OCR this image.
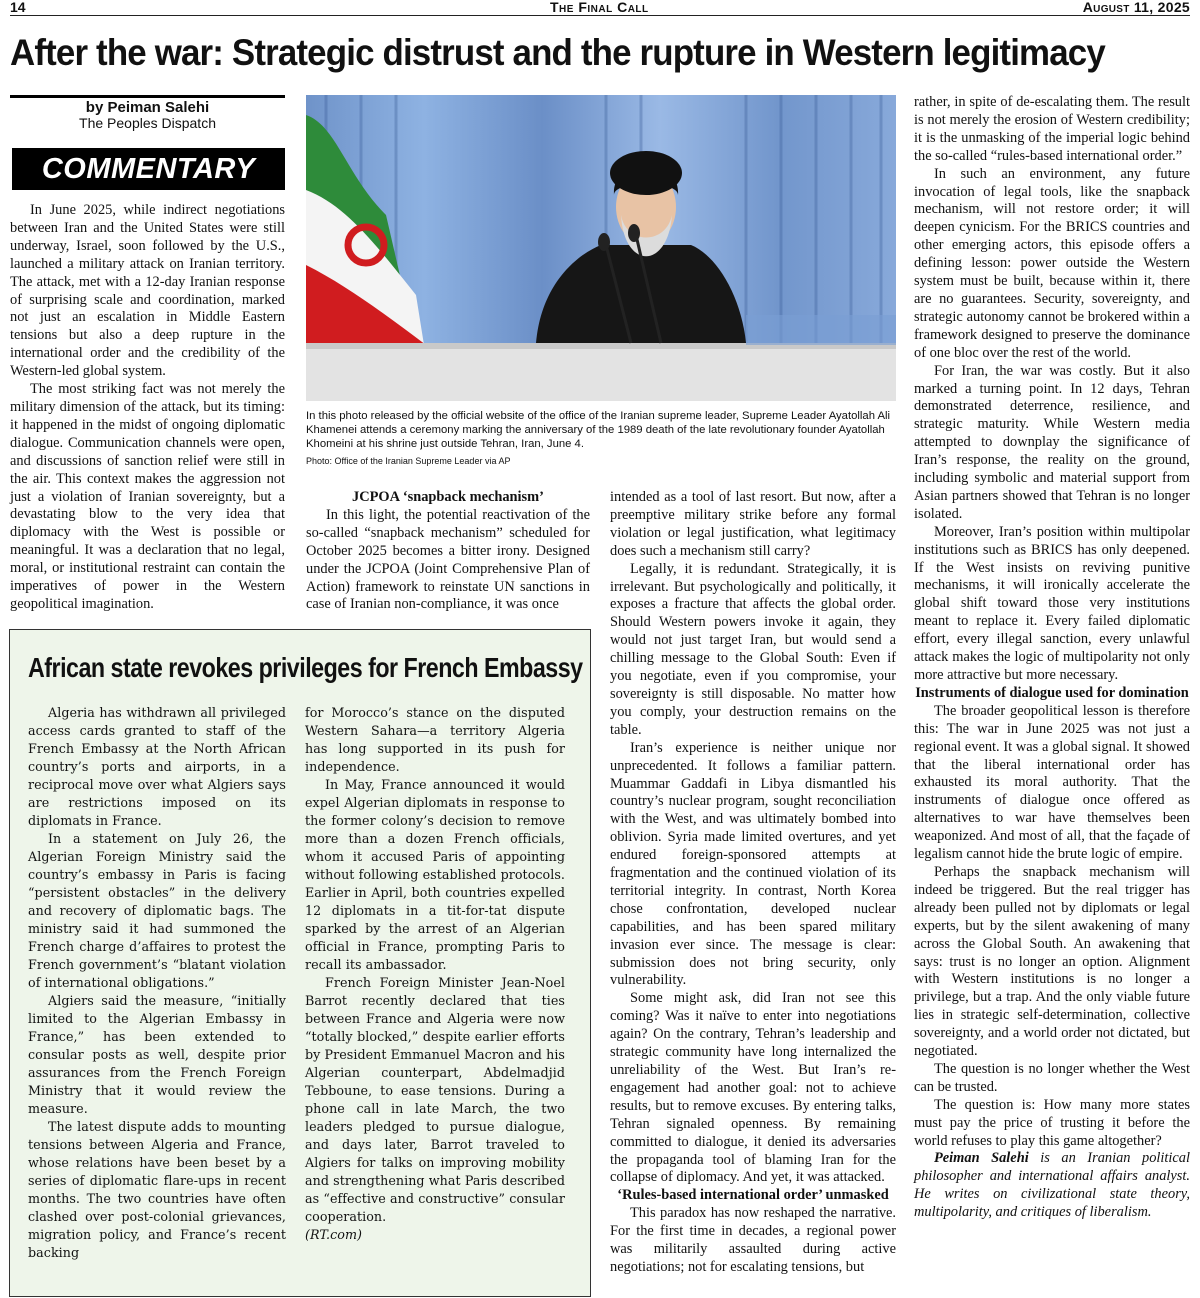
14	The Final Call	August 11, 2025
After the war: Strategic distrust and the rupture in Western legitimacy
by Peiman Salehi
The Peoples Dispatch
COMMENTARY

In June 2025, while indirect negotiations between Iran and the United States were still underway, Israel, soon followed by the U.S., launched a military attack on Iranian territory. The attack, met with a 12-day Iranian response of surprising scale and coordination, marked not just an escalation in Middle Eastern tensions but also a deep rupture in the international order and the credibility of the Western-led global system.

The most striking fact was not merely the military dimension of the attack, but its timing: it happened in the midst of ongoing diplomatic dialogue. Communication channels were open, and discussions of sanction relief were still in the air. This context makes the aggression not just a violation of Iranian sovereignty, but a devastating blow to the very idea that diplomacy with the West is possible or meaningful. It was a declaration that no legal, moral, or institutional restraint can contain the imperatives of power in the Western geopolitical imagination.

In this photo released by the official website of the office of the Iranian supreme leader, Supreme Leader Ayatollah Ali Khamenei attends a ceremony marking the anniversary of the 1989 death of the late revolutionary founder Ayatollah Khomeini at his shrine just outside Tehran, Iran, June 4.
Photo: Office of the Iranian Supreme Leader via AP

JCPOA ‘snapback mechanism’

In this light, the potential reactivation of the so-called “snapback mechanism” scheduled for October 2025 becomes a bitter irony. Designed under the JCPOA (Joint Comprehensive Plan of Action) framework to reinstate UN sanctions in case of Iranian non-compliance, it was once

intended as a tool of last resort. But now, after a preemptive military strike before any formal violation or legal justification, what legitimacy does such a mechanism still carry?

Legally, it is redundant. Strategically, it is irrelevant. But psychologically and politically, it exposes a fracture that affects the global order. Should Western powers invoke it again, they would not just target Iran, but would send a chilling message to the Global South: Even if you negotiate, even if you compromise, your sovereignty is still disposable. No matter how you comply, your destruction remains on the table.

Iran’s experience is neither unique nor unprecedented. It follows a familiar pattern. Muammar Gaddafi in Libya dismantled his country’s nuclear program, sought reconciliation with the West, and was ultimately bombed into oblivion. Syria made limited overtures, and yet endured foreign-sponsored attempts at fragmentation and the continued violation of its territorial integrity. In contrast, North Korea chose confrontation, developed nuclear capabilities, and has been spared military invasion ever since. The message is clear: submission does not bring security, only vulnerability.

Some might ask, did Iran not see this coming? Was it naïve to enter into negotiations again? On the contrary, Tehran’s leadership and strategic community have long internalized the unreliability of the West. But Iran’s re-engagement had another goal: not to achieve results, but to remove excuses. By entering talks, Tehran signaled openness. By remaining committed to dialogue, it denied its adversaries the propaganda tool of blaming Iran for the collapse of diplomacy. And yet, it was attacked.

‘Rules-based international order’ unmasked

This paradox has now reshaped the narrative. For the first time in decades, a regional power was militarily assaulted during active negotiations; not for escalating tensions, but

rather, in spite of de-escalating them. The result is not merely the erosion of Western credibility; it is the unmasking of the imperial logic behind the so-called “rules-based international order.”

In such an environment, any future invocation of legal tools, like the snapback mechanism, will not restore order; it will deepen cynicism. For the BRICS countries and other emerging actors, this episode offers a defining lesson: power outside the Western system must be built, because within it, there are no guarantees. Security, sovereignty, and strategic autonomy cannot be brokered within a framework designed to preserve the dominance of one bloc over the rest of the world.

For Iran, the war was costly. But it also marked a turning point. In 12 days, Tehran demonstrated deterrence, resilience, and strategic maturity. While Western media attempted to downplay the significance of Iran’s response, the reality on the ground, including symbolic and material support from Asian partners showed that Tehran is no longer isolated.

Moreover, Iran’s position within multipolar institutions such as BRICS has only deepened. If the West insists on reviving punitive mechanisms, it will ironically accelerate the global shift toward those very institutions meant to replace it. Every failed diplomatic effort, every illegal sanction, every unlawful attack makes the logic of multipolarity not only more attractive but more necessary.

Instruments of dialogue used for domination

The broader geopolitical lesson is therefore this: The war in June 2025 was not just a regional event. It was a global signal. It showed that the liberal international order has exhausted its moral authority. That the instruments of dialogue once offered as alternatives to war have themselves been weaponized. And most of all, that the façade of legalism cannot hide the brute logic of empire.

Perhaps the snapback mechanism will indeed be triggered. But the real trigger has already been pulled not by diplomats or legal experts, but by the silent awakening of many across the Global South. An awakening that says: trust is no longer an option. Alignment with Western institutions is no longer a privilege, but a trap. And the only viable future lies in strategic self-determination, collective sovereignty, and a world order not dictated, but negotiated.

The question is no longer whether the West can be trusted.

The question is: How many more states must pay the price of trusting it before the world refuses to play this game altogether?

Peiman Salehi is an Iranian political philosopher and international affairs analyst. He writes on civilizational state theory, multipolarity, and critiques of liberalism.

African state revokes privileges for French Embassy

Algeria has withdrawn all privileged access cards granted to staff of the French Embassy at the North African country’s ports and airports, in a reciprocal move over what Algiers says are restrictions imposed on its diplomats in France.

In a statement on July 26, the Algerian Foreign Ministry said the country’s embassy in Paris is facing “persistent obstacles” in the delivery and recovery of diplomatic bags. The ministry said it had summoned the French charge d’affaires to protest the French government’s “blatant violation of international obligations.”

Algiers said the measure, “initially limited to the Algerian Embassy in France,” has been extended to consular posts as well, despite prior assurances from the French Foreign Ministry that it would review the measure.

The latest dispute adds to mounting tensions between Algeria and France, whose relations have been beset by a series of diplomatic flare-ups in recent months. The two countries have often clashed over post-colonial grievances, migration policy, and France’s recent backing

for Morocco’s stance on the disputed Western Sahara—a territory Algeria has long supported in its push for independence.

In May, France announced it would expel Algerian diplomats in response to the former colony’s decision to remove more than a dozen French officials, whom it accused Paris of appointing without following established protocols. Earlier in April, both countries expelled 12 diplomats in a tit-for-tat dispute sparked by the arrest of an Algerian official in France, prompting Paris to recall its ambassador.

French Foreign Minister Jean-Noel Barrot recently declared that ties between France and Algeria were now “totally blocked,” despite earlier efforts by President Emmanuel Macron and his Algerian counterpart, Abdelmadjid Tebboune, to ease tensions. During a phone call in late March, the two leaders pledged to pursue dialogue, and days later, Barrot traveled to Algiers for talks on improving mobility and strengthening what Paris described as “effective and constructive” consular cooperation.

(RT.com)
